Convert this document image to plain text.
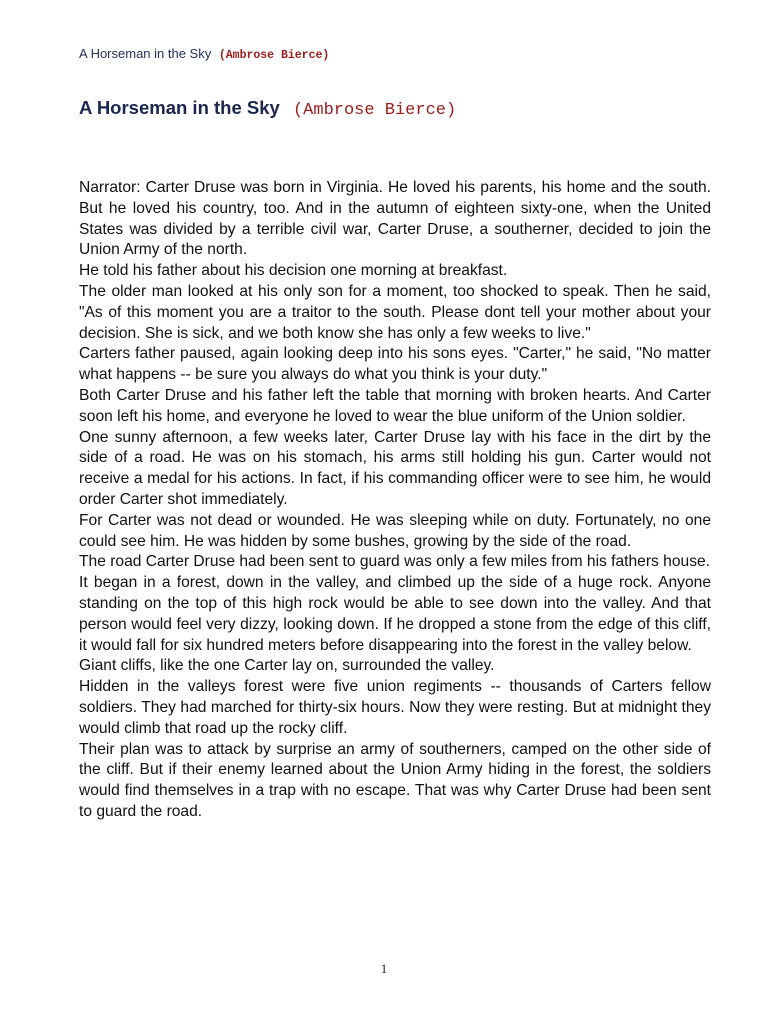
A Horseman in the Sky (Ambrose Bierce)
A Horseman in the Sky (Ambrose Bierce)

Narrator: Carter Druse was born in Virginia. He loved his parents, his home and the south. But he loved his country, too. And in the autumn of eighteen sixty-one, when the United States was divided by a terrible civil war, Carter Druse, a southerner, decided to join the Union Army of the north.

He told his father about his decision one morning at breakfast.

The older man looked at his only son for a moment, too shocked to speak. Then he said, "As of this moment you are a traitor to the south. Please dont tell your mother about your decision. She is sick, and we both know she has only a few weeks to live."

Carters father paused, again looking deep into his sons eyes. "Carter," he said, "No matter what happens -- be sure you always do what you think is your duty."

Both Carter Druse and his father left the table that morning with broken hearts. And Carter soon left his home, and everyone he loved to wear the blue uniform of the Union soldier.

One sunny afternoon, a few weeks later, Carter Druse lay with his face in the dirt by the side of a road. He was on his stomach, his arms still holding his gun. Carter would not receive a medal for his actions. In fact, if his commanding officer were to see him, he would order Carter shot immediately.

For Carter was not dead or wounded. He was sleeping while on duty. Fortunately, no one could see him. He was hidden by some bushes, growing by the side of the road.

The road Carter Druse had been sent to guard was only a few miles from his fathers house.

It began in a forest, down in the valley, and climbed up the side of a huge rock. Anyone standing on the top of this high rock would be able to see down into the valley. And that person would feel very dizzy, looking down. If he dropped a stone from the edge of this cliff, it would fall for six hundred meters before disappearing into the forest in the valley below.

Giant cliffs, like the one Carter lay on, surrounded the valley.

Hidden in the valleys forest were five union regiments -- thousands of Carters fellow soldiers. They had marched for thirty-six hours. Now they were resting. But at midnight they would climb that road up the rocky cliff.

Their plan was to attack by surprise an army of southerners, camped on the other side of the cliff. But if their enemy learned about the Union Army hiding in the forest, the soldiers would find themselves in a trap with no escape. That was why Carter Druse had been sent to guard the road.

1
